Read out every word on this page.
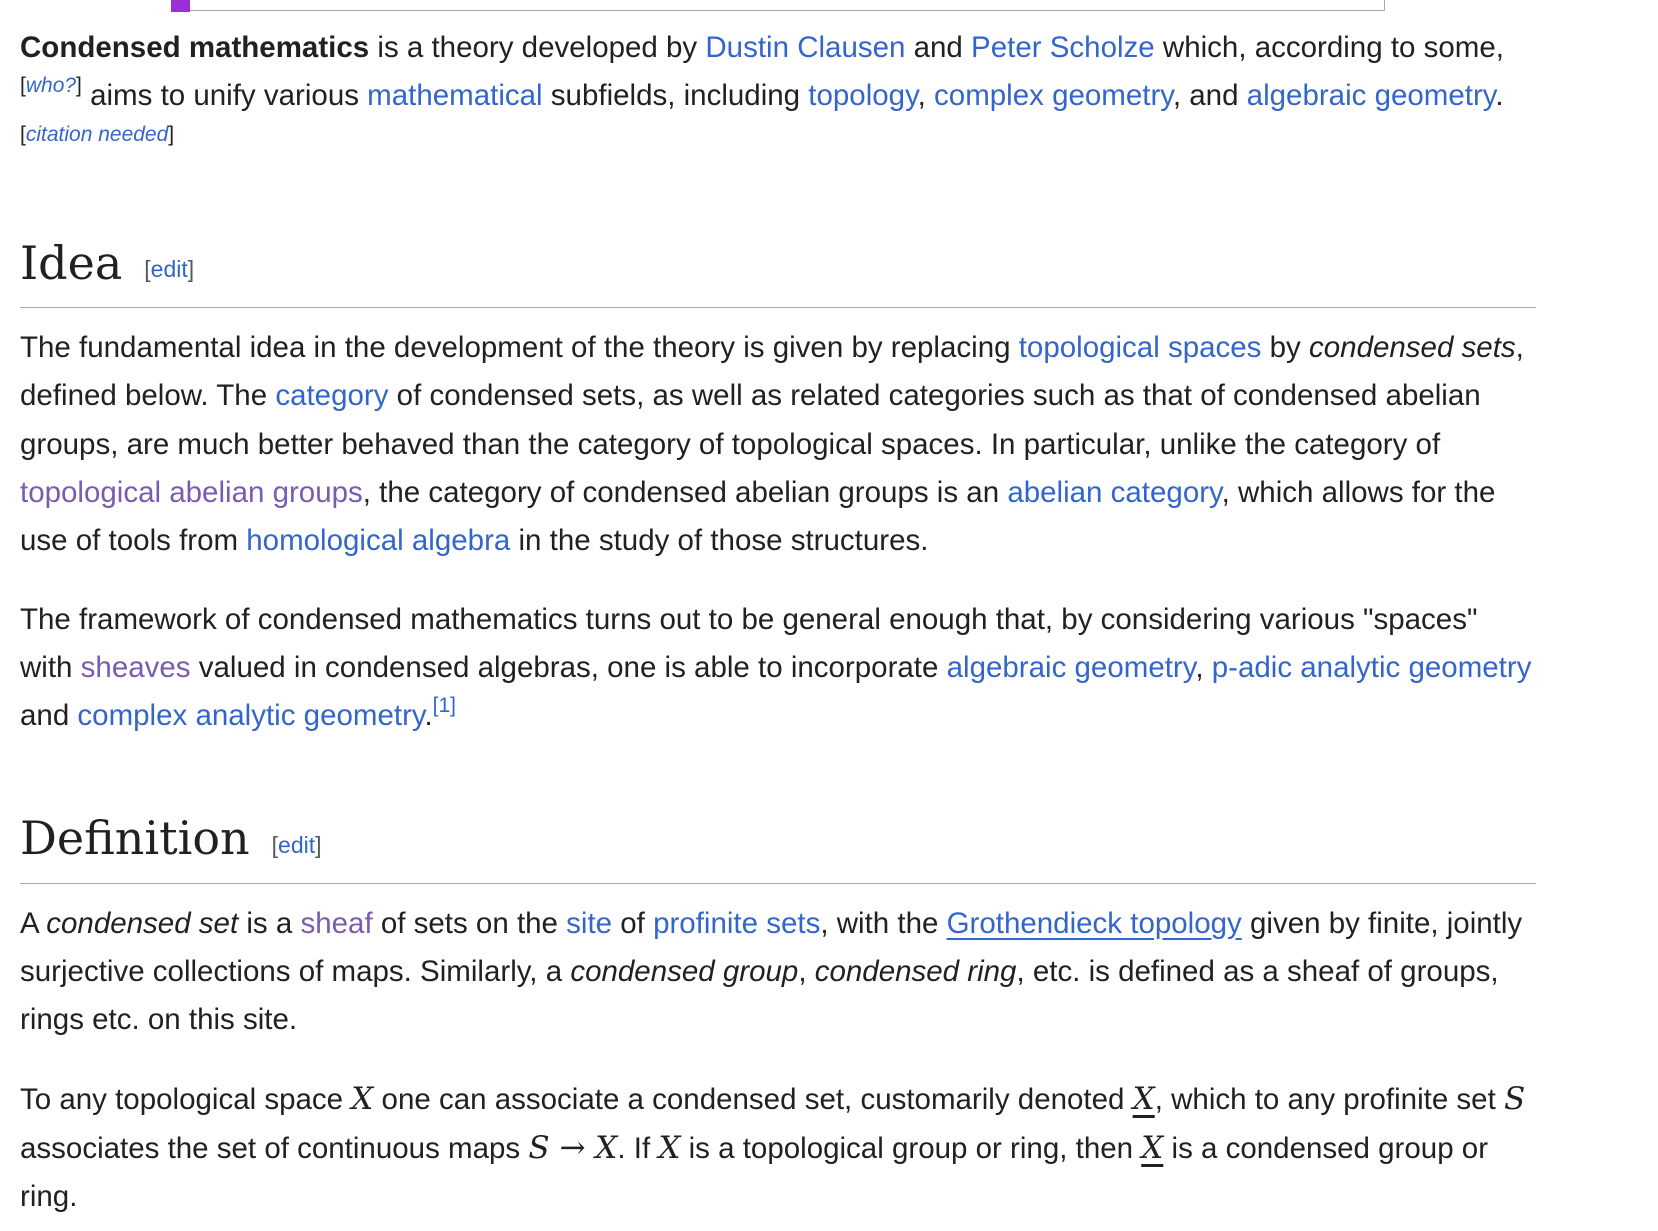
Condensed mathematics is a theory developed by Dustin Clausen and Peter Scholze which, according to some,[who?] aims to unify various mathematical subfields, including topology, complex geometry, and algebraic geometry.[citation needed]

Idea [edit]

The fundamental idea in the development of the theory is given by replacing topological spaces by condensed sets, defined below. The category of condensed sets, as well as related categories such as that of condensed abelian groups, are much better behaved than the category of topological spaces. In particular, unlike the category of topological abelian groups, the category of condensed abelian groups is an abelian category, which allows for the use of tools from homological algebra in the study of those structures.

The framework of condensed mathematics turns out to be general enough that, by considering various "spaces" with sheaves valued in condensed algebras, one is able to incorporate algebraic geometry, p-adic analytic geometry and complex analytic geometry.[1]

Definition [edit]

A condensed set is a sheaf of sets on the site of profinite sets, with the Grothendieck topology given by finite, jointly surjective collections of maps. Similarly, a condensed group, condensed ring, etc. is defined as a sheaf of groups, rings etc. on this site.

To any topological space X one can associate a condensed set, customarily denoted X, which to any profinite set S associates the set of continuous maps S → X. If X is a topological group or ring, then X is a condensed group or ring.
